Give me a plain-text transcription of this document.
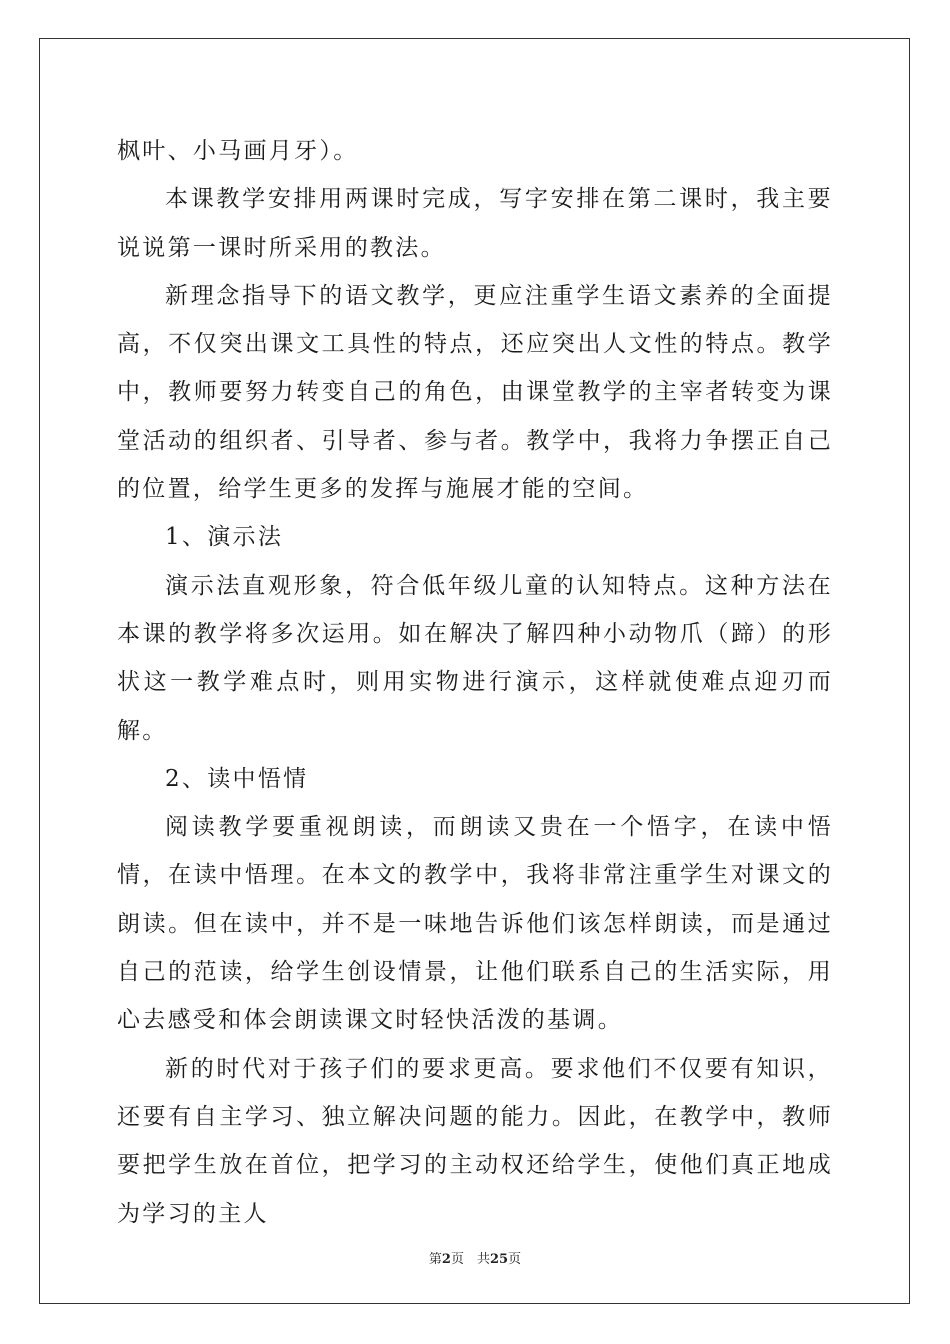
枫叶、小马画月牙）。

本课教学安排用两课时完成，写字安排在第二课时，我主要说说第一课时所采用的教法。

新理念指导下的语文教学，更应注重学生语文素养的全面提高，不仅突出课文工具性的特点，还应突出人文性的特点。教学中，教师要努力转变自己的角色，由课堂教学的主宰者转变为课堂活动的组织者、引导者、参与者。教学中，我将力争摆正自己的位置，给学生更多的发挥与施展才能的空间。

1、演示法

演示法直观形象，符合低年级儿童的认知特点。这种方法在本课的教学将多次运用。如在解决了解四种小动物爪（蹄）的形状这一教学难点时，则用实物进行演示，这样就使难点迎刃而解。

2、读中悟情

阅读教学要重视朗读，而朗读又贵在一个悟字，在读中悟情，在读中悟理。在本文的教学中，我将非常注重学生对课文的朗读。但在读中，并不是一味地告诉他们该怎样朗读，而是通过自己的范读，给学生创设情景，让他们联系自己的生活实际，用心去感受和体会朗读课文时轻快活泼的基调。

新的时代对于孩子们的要求更高。要求他们不仅要有知识，还要有自主学习、独立解决问题的能力。因此，在教学中，教师要把学生放在首位，把学习的主动权还给学生，使他们真正地成为学习的主人

第2页　共25页
